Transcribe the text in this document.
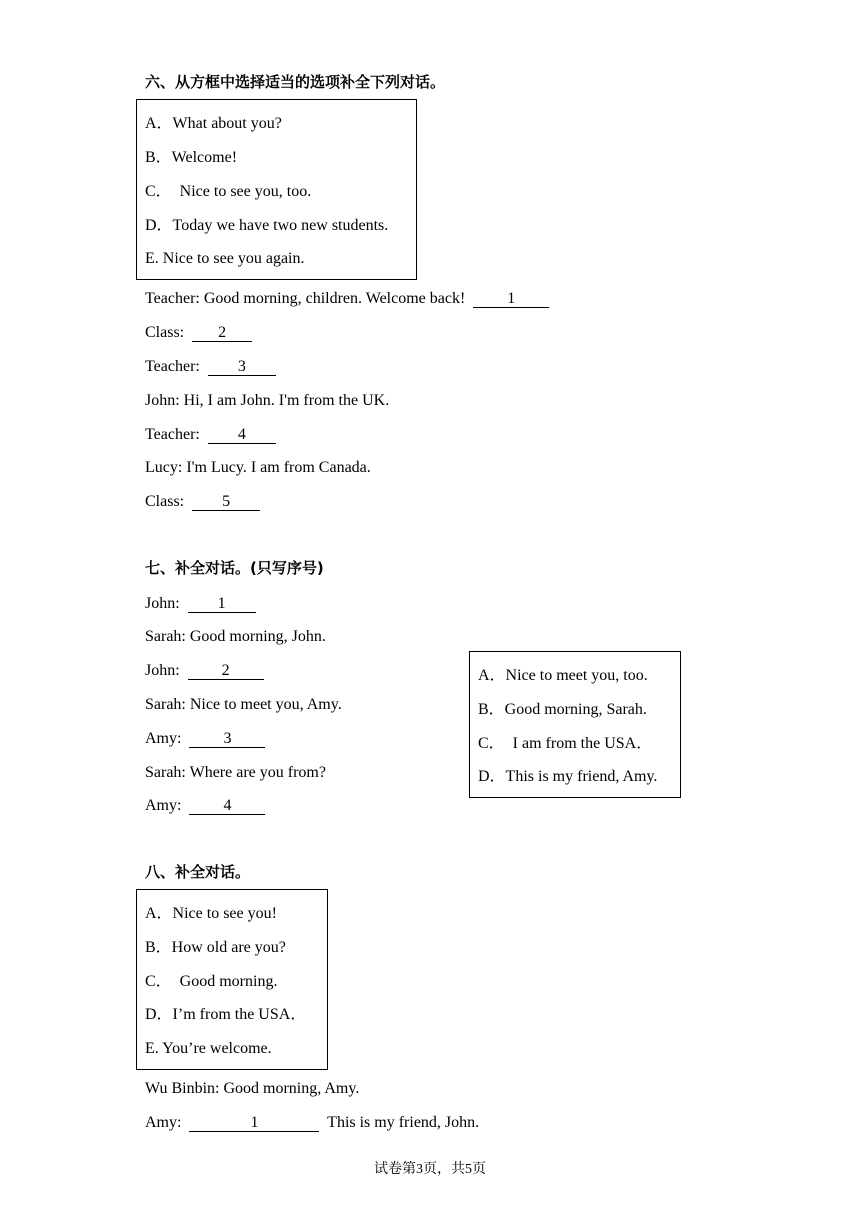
六、从方框中选择适当的选项补全下列对话。
A．What about you?
B．Welcome!
C．  Nice to see you, too.
D．Today we have two new students.
E. Nice to see you again.
Teacher: Good morning, children. Welcome back!  1
Class:  2
Teacher:  3
John: Hi, I am John. I'm from the UK.
Teacher:  4
Lucy: I'm Lucy. I am from Canada.
Class:  5
七、补全对话。(只写序号)
John:  1
Sarah: Good morning, John.
John:  2
Sarah: Nice to meet you, Amy.
Amy:  3
Sarah: Where are you from?
Amy:  4
A．Nice to meet you, too.
B．Good morning, Sarah.
C．  I am from the USA．
D．This is my friend, Amy.
八、补全对话。
A．Nice to see you!
B．How old are you?
C．  Good morning.
D．I’m from the USA．
E. You’re welcome.
Wu Binbin: Good morning, Amy.
Amy:	1	This is my friend, John.
试卷第3页，共5页
